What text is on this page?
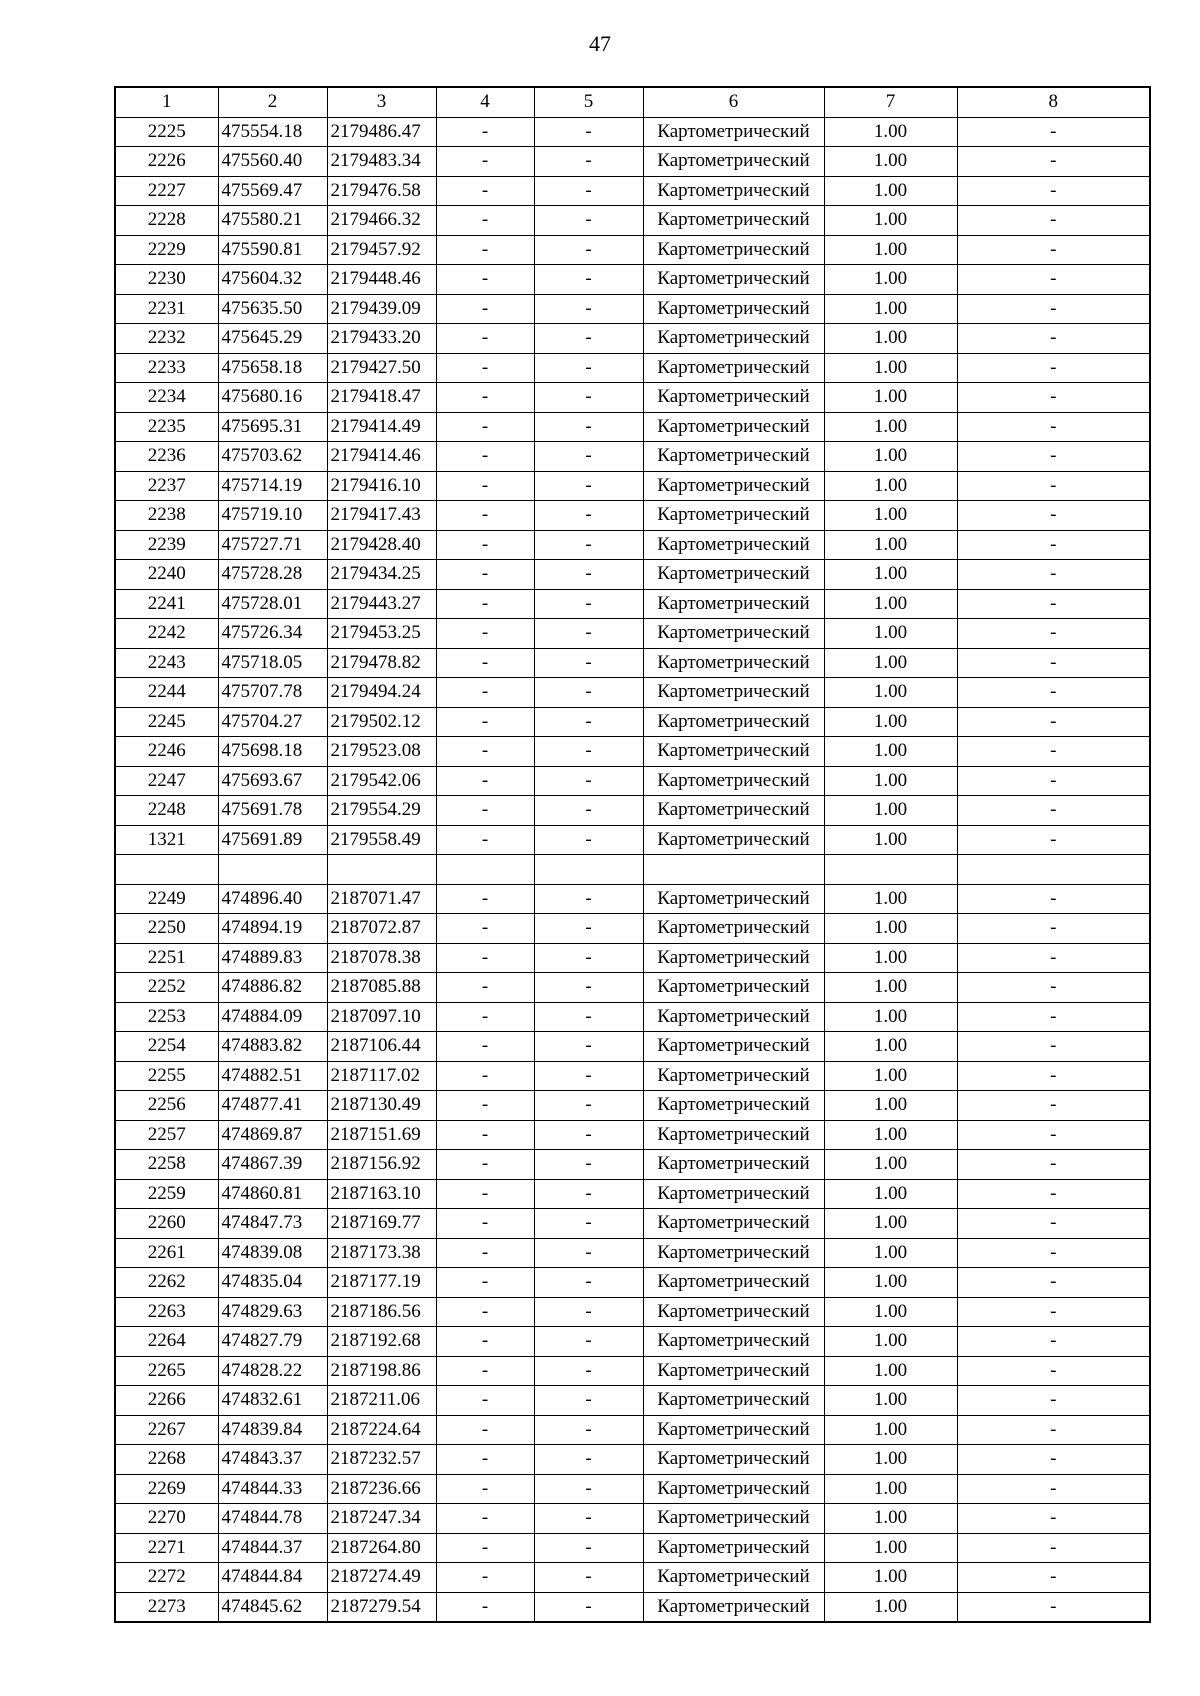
47
1	2	3	4	5	6	7	8
2225	475554.18	2179486.47	-	-	Картометрический	1.00	-
2226	475560.40	2179483.34	-	-	Картометрический	1.00	-
2227	475569.47	2179476.58	-	-	Картометрический	1.00	-
2228	475580.21	2179466.32	-	-	Картометрический	1.00	-
2229	475590.81	2179457.92	-	-	Картометрический	1.00	-
2230	475604.32	2179448.46	-	-	Картометрический	1.00	-
2231	475635.50	2179439.09	-	-	Картометрический	1.00	-
2232	475645.29	2179433.20	-	-	Картометрический	1.00	-
2233	475658.18	2179427.50	-	-	Картометрический	1.00	-
2234	475680.16	2179418.47	-	-	Картометрический	1.00	-
2235	475695.31	2179414.49	-	-	Картометрический	1.00	-
2236	475703.62	2179414.46	-	-	Картометрический	1.00	-
2237	475714.19	2179416.10	-	-	Картометрический	1.00	-
2238	475719.10	2179417.43	-	-	Картометрический	1.00	-
2239	475727.71	2179428.40	-	-	Картометрический	1.00	-
2240	475728.28	2179434.25	-	-	Картометрический	1.00	-
2241	475728.01	2179443.27	-	-	Картометрический	1.00	-
2242	475726.34	2179453.25	-	-	Картометрический	1.00	-
2243	475718.05	2179478.82	-	-	Картометрический	1.00	-
2244	475707.78	2179494.24	-	-	Картометрический	1.00	-
2245	475704.27	2179502.12	-	-	Картометрический	1.00	-
2246	475698.18	2179523.08	-	-	Картометрический	1.00	-
2247	475693.67	2179542.06	-	-	Картометрический	1.00	-
2248	475691.78	2179554.29	-	-	Картометрический	1.00	-
1321	475691.89	2179558.49	-	-	Картометрический	1.00	-

2249	474896.40	2187071.47	-	-	Картометрический	1.00	-
2250	474894.19	2187072.87	-	-	Картометрический	1.00	-
2251	474889.83	2187078.38	-	-	Картометрический	1.00	-
2252	474886.82	2187085.88	-	-	Картометрический	1.00	-
2253	474884.09	2187097.10	-	-	Картометрический	1.00	-
2254	474883.82	2187106.44	-	-	Картометрический	1.00	-
2255	474882.51	2187117.02	-	-	Картометрический	1.00	-
2256	474877.41	2187130.49	-	-	Картометрический	1.00	-
2257	474869.87	2187151.69	-	-	Картометрический	1.00	-
2258	474867.39	2187156.92	-	-	Картометрический	1.00	-
2259	474860.81	2187163.10	-	-	Картометрический	1.00	-
2260	474847.73	2187169.77	-	-	Картометрический	1.00	-
2261	474839.08	2187173.38	-	-	Картометрический	1.00	-
2262	474835.04	2187177.19	-	-	Картометрический	1.00	-
2263	474829.63	2187186.56	-	-	Картометрический	1.00	-
2264	474827.79	2187192.68	-	-	Картометрический	1.00	-
2265	474828.22	2187198.86	-	-	Картометрический	1.00	-
2266	474832.61	2187211.06	-	-	Картометрический	1.00	-
2267	474839.84	2187224.64	-	-	Картометрический	1.00	-
2268	474843.37	2187232.57	-	-	Картометрический	1.00	-
2269	474844.33	2187236.66	-	-	Картометрический	1.00	-
2270	474844.78	2187247.34	-	-	Картометрический	1.00	-
2271	474844.37	2187264.80	-	-	Картометрический	1.00	-
2272	474844.84	2187274.49	-	-	Картометрический	1.00	-
2273	474845.62	2187279.54	-	-	Картометрический	1.00	-
